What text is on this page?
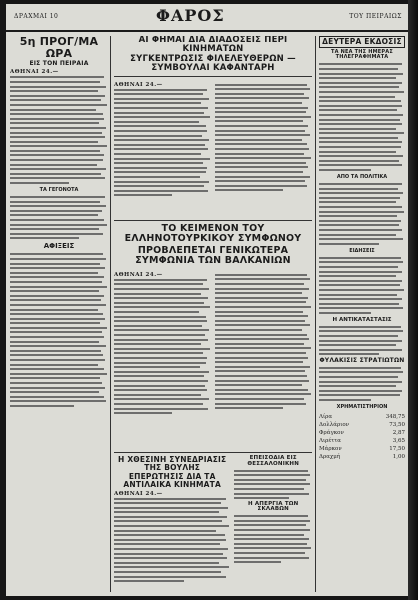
ΔΡΑΧΜΑΙ 10	ΦΑΡΟΣ	ΤΟΥ ΠΕΙΡΑΙΩΣ
5η ΠΡΟΓ/ΜΑ ΩΡΑ
ΕΙΣ ΤΟΝ ΠΕΙΡΑΙΑ
ΑΘΗΝΑΙ 24.—
ΤΑ ΓΕΓΟΝΟΤΑ
ΑΦΙΞΕΙΣ
ΑΙ ΦΗΜΑΙ ΔΙΑ ΔΙΑΔΟΣΕΙΣ ΠΕΡΙ ΚΙΝΗΜΑΤΩΝ
ΣΥΓΚΕΝΤΡΩΣΙΣ ΦΙΛΕΛΕΥΘΕΡΩΝ — ΣΥΜΒΟΥΛΑΙ ΚΑΦΑΝΤΑΡΗ
ΑΘΗΝΑΙ 24.—
ΤΟ ΚΕΙΜΕΝΟΝ ΤΟΥ ΕΛΛΗΝΟΤΟΥΡΚΙΚΟΥ ΣΥΜΦΩΝΟΥ
ΠΡΟΒΛΕΠΕΤΑΙ ΓΕΝΙΚΩΤΕΡΑ ΣΥΜΦΩΝΙΑ ΤΩΝ ΒΑΛΚΑΝΙΩΝ
ΑΘΗΝΑΙ 24.—
Η ΧΘΕΣΙΝΗ ΣΥΝΕΔΡΙΑΣΙΣ ΤΗΣ ΒΟΥΛΗΣ
ΕΠΕΡΩΤΗΣΙΣ ΔΙΑ ΤΑ ΑΝΤΙΛΑΙΚΑ ΚΙΝΗΜΑΤΑ
ΑΘΗΝΑΙ 24.—
ΕΠΕΙΣΟΔΙΑ ΕΙΣ ΘΕΣΣΑΛΟΝΙΚΗΝ
Η ΑΠΕΡΓΙΑ ΤΩΝ ΣΚΛΑΒΩΝ
ΔΕΥΤΕΡΑ ΕΚΔΟΣΙΣ
ΤΑ ΝΕΑ ΤΗΣ ΗΜΕΡΑΣ
ΤΗΛΕΓΡΑΦΗΜΑΤΑ
ΑΠΟ ΤΑ ΠΟΛΙΤΙΚΑ
ΕΙΔΗΣΕΙΣ
Η ΑΝΤΙΚΑΤΑΣΤΑΣΙΣ
ΦΥΛΑΚΙΣΙΣ ΣΤΡΑΤΙΩΤΩΝ
ΧΡΗΜΑΤΙΣΤΗΡΙΟΝ
Λίρα	348,75
Δολλάριον	73,50
Φράγκον	2,87
Λιρέττα	3,65
Μάρκον	17,50
Δραχμή	1,00
